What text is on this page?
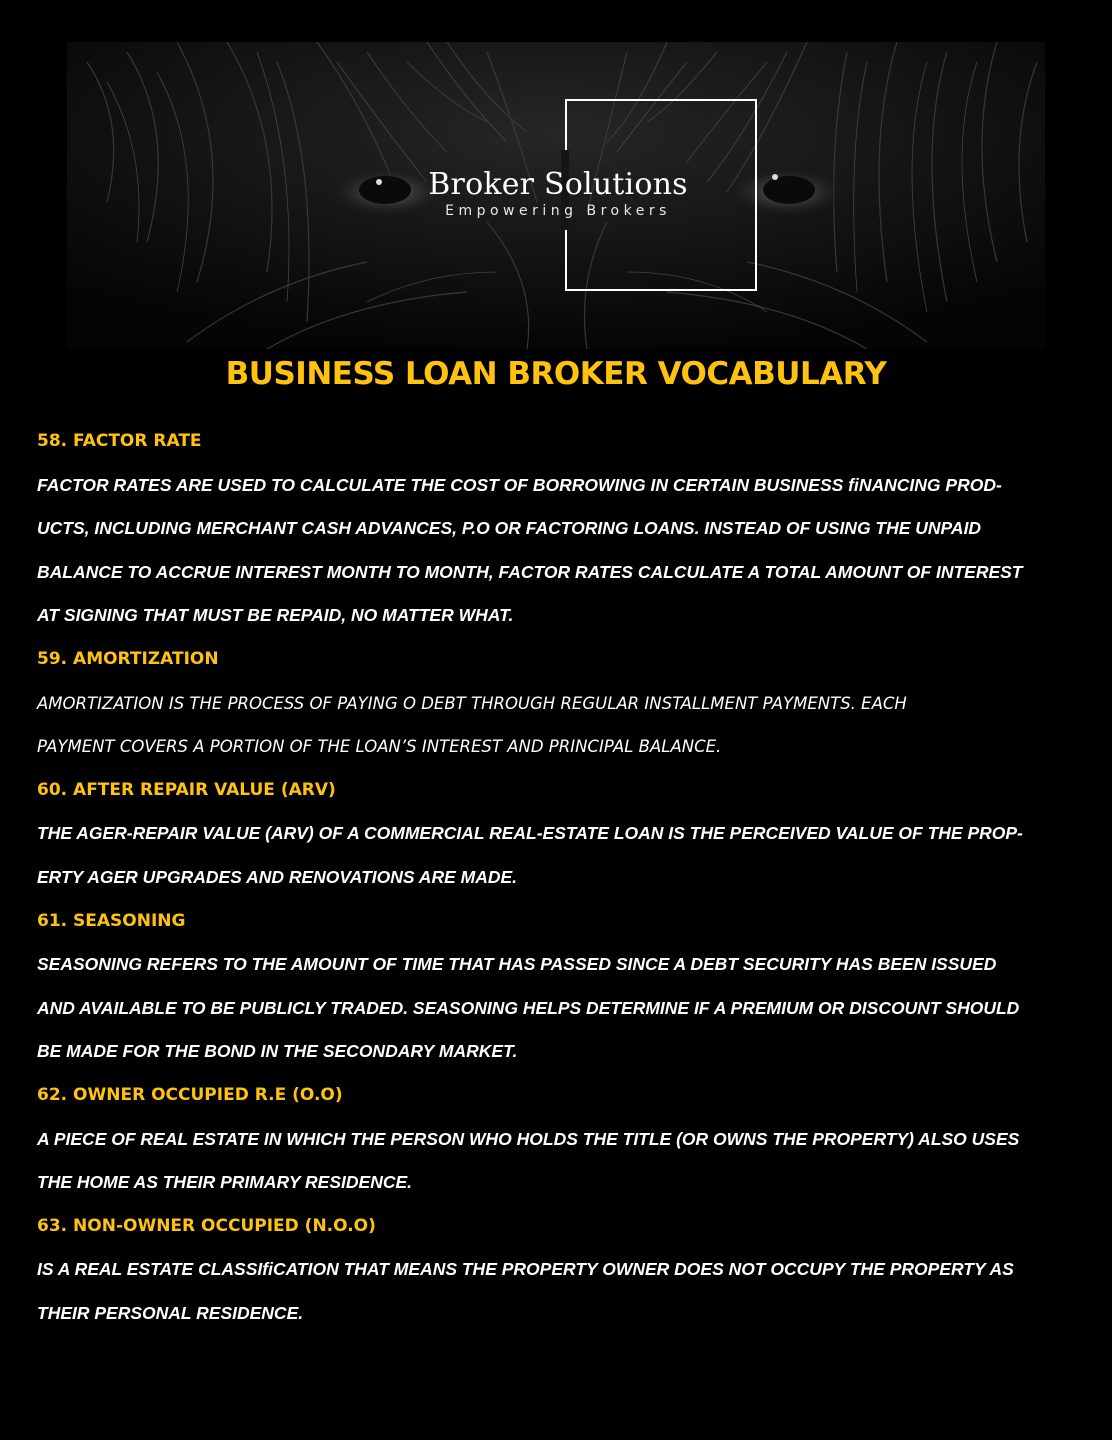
Broker Solutions
Empowering Brokers
BUSINESS LOAN BROKER VOCABULARY
58. FACTOR RATE
FACTOR RATES ARE USED TO CALCULATE THE COST OF BORROWING IN CERTAIN BUSINESS ﬁNANCING PROD-
UCTS, INCLUDING MERCHANT CASH ADVANCES, P.O OR FACTORING LOANS. INSTEAD OF USING THE UNPAID
BALANCE TO ACCRUE INTEREST MONTH TO MONTH, FACTOR RATES CALCULATE A TOTAL AMOUNT OF INTEREST
AT SIGNING THAT MUST BE REPAID, NO MATTER WHAT.
59. AMORTIZATION
AMORTIZATION IS THE PROCESS OF PAYING O DEBT THROUGH REGULAR INSTALLMENT PAYMENTS. EACH
PAYMENT COVERS A PORTION OF THE LOAN’S INTEREST AND PRINCIPAL BALANCE.
60. AFTER REPAIR VALUE (ARV)
THE AGER-REPAIR VALUE (ARV) OF A COMMERCIAL REAL-ESTATE LOAN IS THE PERCEIVED VALUE OF THE PROP-
ERTY AGER UPGRADES AND RENOVATIONS ARE MADE.
61. SEASONING
SEASONING REFERS TO THE AMOUNT OF TIME THAT HAS PASSED SINCE A DEBT SECURITY HAS BEEN ISSUED
AND AVAILABLE TO BE PUBLICLY TRADED. SEASONING HELPS DETERMINE IF A PREMIUM OR DISCOUNT SHOULD
BE MADE FOR THE BOND IN THE SECONDARY MARKET.
62. OWNER OCCUPIED R.E (O.O)
A PIECE OF REAL ESTATE IN WHICH THE PERSON WHO HOLDS THE TITLE (OR OWNS THE PROPERTY) ALSO USES
THE HOME AS THEIR PRIMARY RESIDENCE.
63. NON-OWNER OCCUPIED (N.O.O)
IS A REAL ESTATE CLASSIﬁCATION THAT MEANS THE PROPERTY OWNER DOES NOT OCCUPY THE PROPERTY AS
THEIR PERSONAL RESIDENCE.
